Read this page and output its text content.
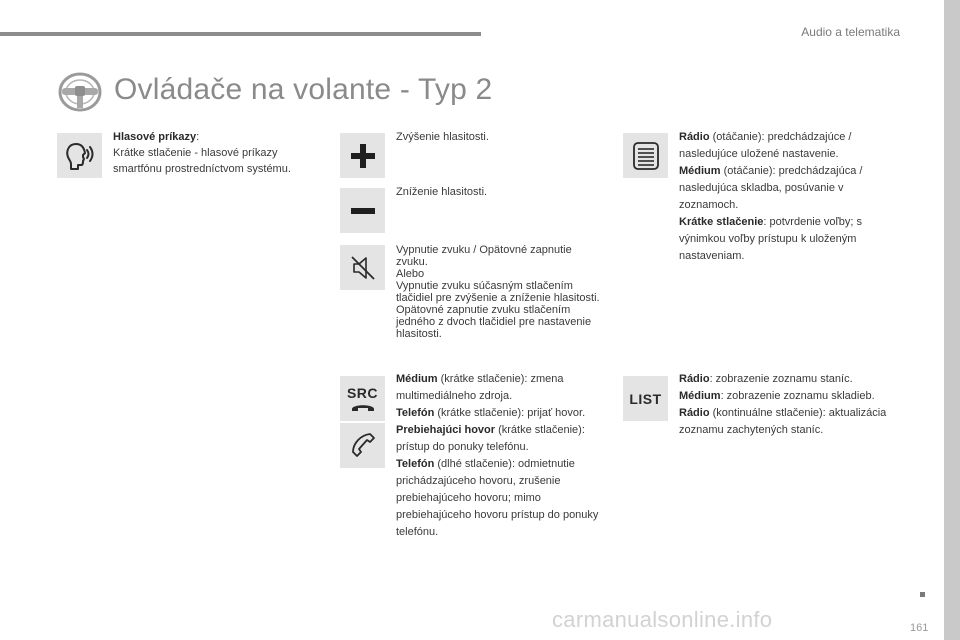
Audio a telematika
Ovládače na volante - Typ 2

Hlasové príkazy:

Krátke stlačenie - hlasové príkazy smartfónu prostredníctvom systému.

Zvýšenie hlasitosti.
Zníženie hlasitosti.

Vypnutie zvuku / Opätovné zapnutie zvuku.

Alebo

Vypnutie zvuku súčasným stlačením tlačidiel pre zvýšenie a zníženie hlasitosti.

Opätovné zapnutie zvuku stlačením jedného z dvoch tlačidiel pre nastavenie hlasitosti.

SRC

Médium (krátke stlačenie): zmena multimediálneho zdroja.

Telefón (krátke stlačenie): prijať hovor.

Prebiehajúci hovor (krátke stlačenie): prístup do ponuky telefónu.

Telefón (dlhé stlačenie): odmietnutie prichádzajúceho hovoru, zrušenie prebiehajúceho hovoru; mimo prebiehajúceho hovoru prístup do ponuky telefónu.

Rádio (otáčanie): predchádzajúce / nasledujúce uložené nastavenie.

Médium (otáčanie): predchádzajúca / nasledujúca skladba, posúvanie v zoznamoch.

Krátke stlačenie: potvrdenie voľby; s výnimkou voľby prístupu k uloženým nastaveniam.

LIST

Rádio: zobrazenie zoznamu staníc.

Médium: zobrazenie zoznamu skladieb.

Rádio (kontinuálne stlačenie): aktualizácia zoznamu zachytených staníc.

carmanualsonline.info	161
